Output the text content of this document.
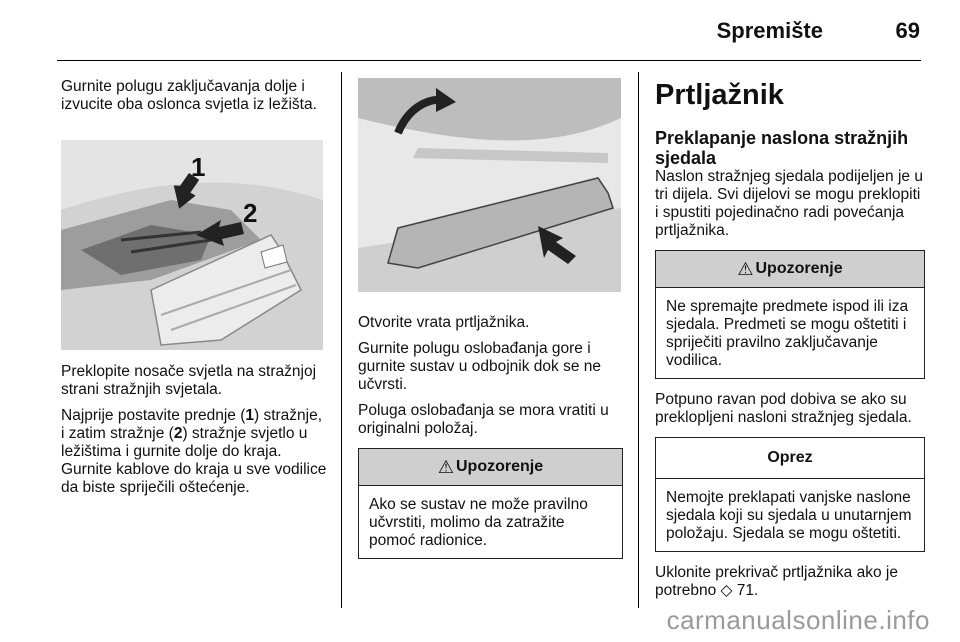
Spremište	69

Gurnite polugu zaključavanja dolje i izvucite oba oslonca svjetla iz ležišta.

1
2

Preklopite nosače svjetla na stražnjoj strani stražnjih svjetala.

Najprije postavite prednje (1) stražnje, i zatim stražnje (2) stražnje svjetlo u ležištima i gurnite dolje do kraja. Gurnite kablove do kraja u sve vodilice da biste spriječili oštećenje.

Otvorite vrata prtljažnika.

Gurnite polugu oslobađanja gore i gurnite sustav u odbojnik dok se ne učvrsti.

Poluga oslobađanja se mora vratiti u originalni položaj.

⚠ Upozorenje
Ako se sustav ne može pravilno učvrstiti, molimo da zatražite pomoć radionice.
Prtljažnik
Preklapanje naslona stražnjih sjedala

Naslon stražnjeg sjedala podijeljen je u tri dijela. Svi dijelovi se mogu preklopiti i spustiti pojedinačno radi povećanja prtljažnika.

⚠ Upozorenje
Ne spremajte predmete ispod ili iza sjedala. Predmeti se mogu oštetiti i spriječiti pravilno zaključavanje vodilica.

Potpuno ravan pod dobiva se ako su preklopljeni nasloni stražnjeg sjedala.

Oprez
Nemojte preklapati vanjske naslone sjedala koji su sjedala u unutarnjem položaju. Sjedala se mogu oštetiti.

Uklonite prekrivač prtljažnika ako je potrebno ◇ 71.

carmanualsonline.info
